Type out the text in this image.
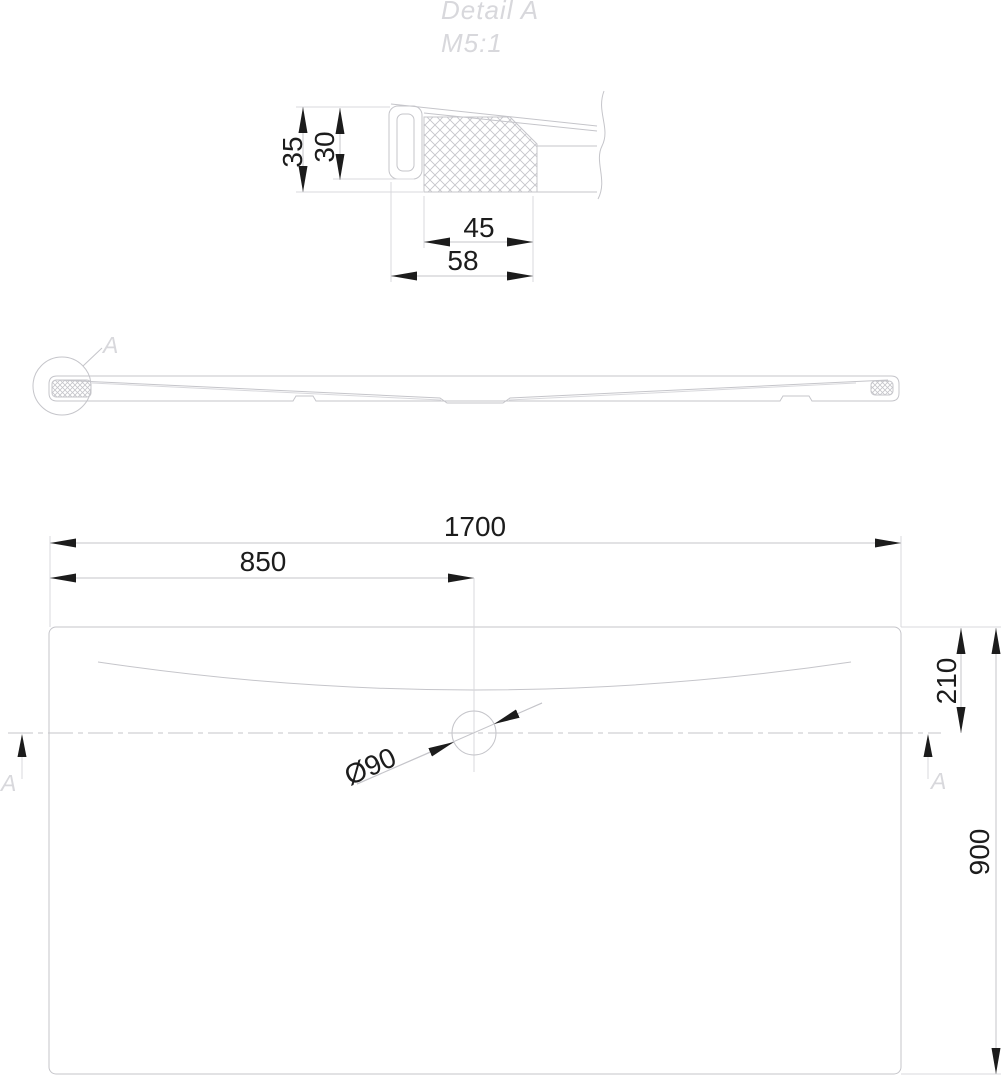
Detail A
M5:1
35 30
45
58
A
Ø90
1700
850
210
900
A	A
